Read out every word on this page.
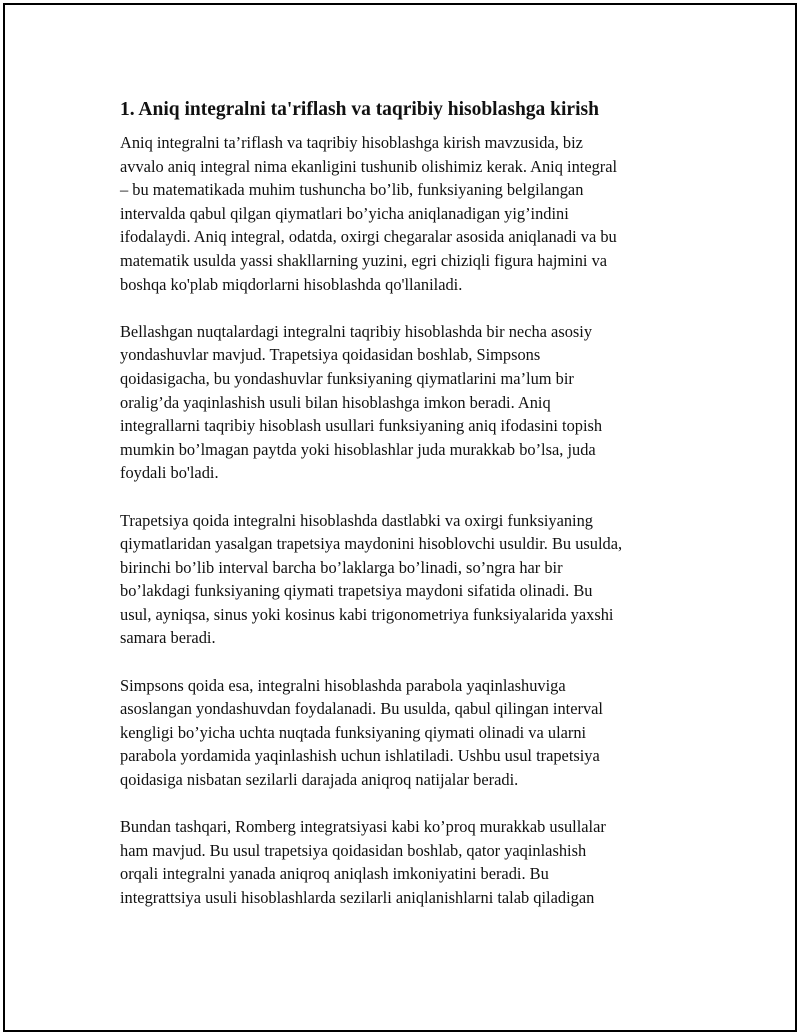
1. Aniq integralni ta'riflash va taqribiy hisoblashga kirish
Aniq integralni ta’riflash va taqribiy hisoblashga kirish mavzusida, biz
avvalo aniq integral nima ekanligini tushunib olishimiz kerak. Aniq integral
– bu matematikada muhim tushuncha bo’lib, funksiyaning belgilangan
intervalda qabul qilgan qiymatlari bo’yicha aniqlanadigan yig’indini
ifodalaydi. Aniq integral, odatda, oxirgi chegaralar asosida aniqlanadi va bu
matematik usulda yassi shakllarning yuzini, egri chiziqli figura hajmini va
boshqa ko'plab miqdorlarni hisoblashda qo'llaniladi.
Bellashgan nuqtalardagi integralni taqribiy hisoblashda bir necha asosiy
yondashuvlar mavjud. Trapetsiya qoidasidan boshlab, Simpsons
qoidasigacha, bu yondashuvlar funksiyaning qiymatlarini ma’lum bir
oralig’da yaqinlashish usuli bilan hisoblashga imkon beradi. Aniq
integrallarni taqribiy hisoblash usullari funksiyaning aniq ifodasini topish
mumkin bo’lmagan paytda yoki hisoblashlar juda murakkab bo’lsa, juda
foydali bo'ladi.
Trapetsiya qoida integralni hisoblashda dastlabki va oxirgi funksiyaning
qiymatlaridan yasalgan trapetsiya maydonini hisoblovchi usuldir. Bu usulda,
birinchi bo’lib interval barcha bo’laklarga bo’linadi, so’ngra har bir
bo’lakdagi funksiyaning qiymati trapetsiya maydoni sifatida olinadi. Bu
usul, ayniqsa, sinus yoki kosinus kabi trigonometriya funksiyalarida yaxshi
samara beradi.
Simpsons qoida esa, integralni hisoblashda parabola yaqinlashuviga
asoslangan yondashuvdan foydalanadi. Bu usulda, qabul qilingan interval
kengligi bo’yicha uchta nuqtada funksiyaning qiymati olinadi va ularni
parabola yordamida yaqinlashish uchun ishlatiladi. Ushbu usul trapetsiya
qoidasiga nisbatan sezilarli darajada aniqroq natijalar beradi.
Bundan tashqari, Romberg integratsiyasi kabi ko’proq murakkab usullalar
ham mavjud. Bu usul trapetsiya qoidasidan boshlab, qator yaqinlashish
orqali integralni yanada aniqroq aniqlash imkoniyatini beradi. Bu
integrattsiya usuli hisoblashlarda sezilarli aniqlanishlarni talab qiladigan
